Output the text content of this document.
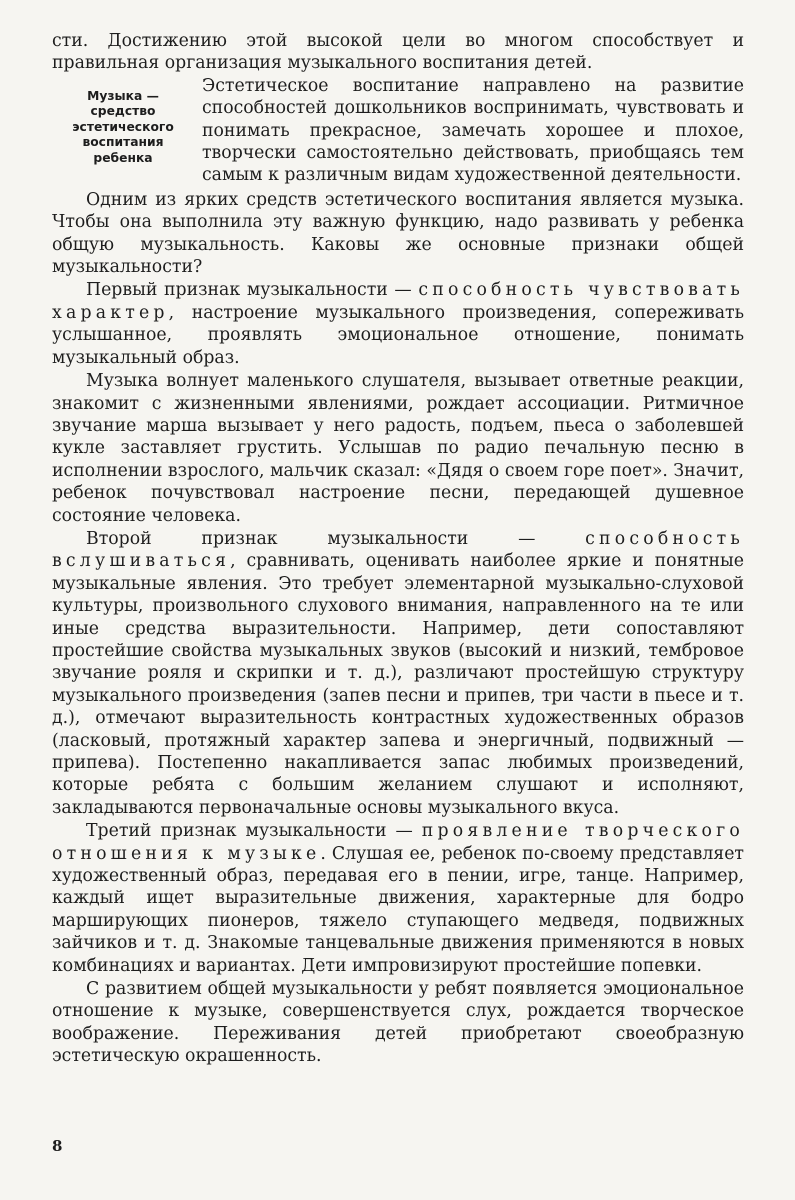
сти. Достижению этой высокой цели во многом способствует и правильная организация музыкального воспитания детей.

Музыка —
средство
эстетического
воспитания
ребенка

Эстетическое воспитание направлено на развитие способностей дошкольников воспринимать, чувствовать и понимать прекрасное, замечать хорошее и плохое, творчески самостоятельно действовать, приобщаясь тем самым к различным видам художественной деятельности.

Одним из ярких средств эстетического воспитания является музыка. Чтобы она выполнила эту важную функцию, надо развивать у ребенка общую музыкальность. Каковы же основные признаки общей музыкальности?

Первый признак музыкальности — способность чувствовать характер, настроение музыкального произведения, сопереживать услышанное, проявлять эмоциональное отношение, понимать музыкальный образ.

Музыка волнует маленького слушателя, вызывает ответные реакции, знакомит с жизненными явлениями, рождает ассоциации. Ритмичное звучание марша вызывает у него радость, подъем, пьеса о заболевшей кукле заставляет грустить. Услышав по радио печальную песню в исполнении взрослого, мальчик сказал: «Дядя о своем горе поет». Значит, ребенок почувствовал настроение песни, передающей душевное состояние человека.

Второй признак музыкальности — способность вслушиваться, сравнивать, оценивать наиболее яркие и понятные музыкальные явления. Это требует элементарной музыкально-слуховой культуры, произвольного слухового внимания, направленного на те или иные средства выразительности. Например, дети сопоставляют простейшие свойства музыкальных звуков (высокий и низкий, тембровое звучание рояля и скрипки и т. д.), различают простейшую структуру музыкального произведения (запев песни и припев, три части в пьесе и т. д.), отмечают выразительность контрастных художественных образов (ласковый, протяжный характер запева и энергичный, подвижный — припева). Постепенно накапливается запас любимых произведений, которые ребята с большим желанием слушают и исполняют, закладываются первоначальные основы музыкального вкуса.

Третий признак музыкальности — проявление творческого отношения к музыке. Слушая ее, ребенок по-своему представляет художественный образ, передавая его в пении, игре, танце. Например, каждый ищет выразительные движения, характерные для бодро марширующих пионеров, тяжело ступающего медведя, подвижных зайчиков и т. д. Знакомые танцевальные движения применяются в новых комбинациях и вариантах. Дети импровизируют простейшие попевки.

С развитием общей музыкальности у ребят появляется эмоциональное отношение к музыке, совершенствуется слух, рождается творческое воображение. Переживания детей приобретают своеобразную эстетическую окрашенность.

8
